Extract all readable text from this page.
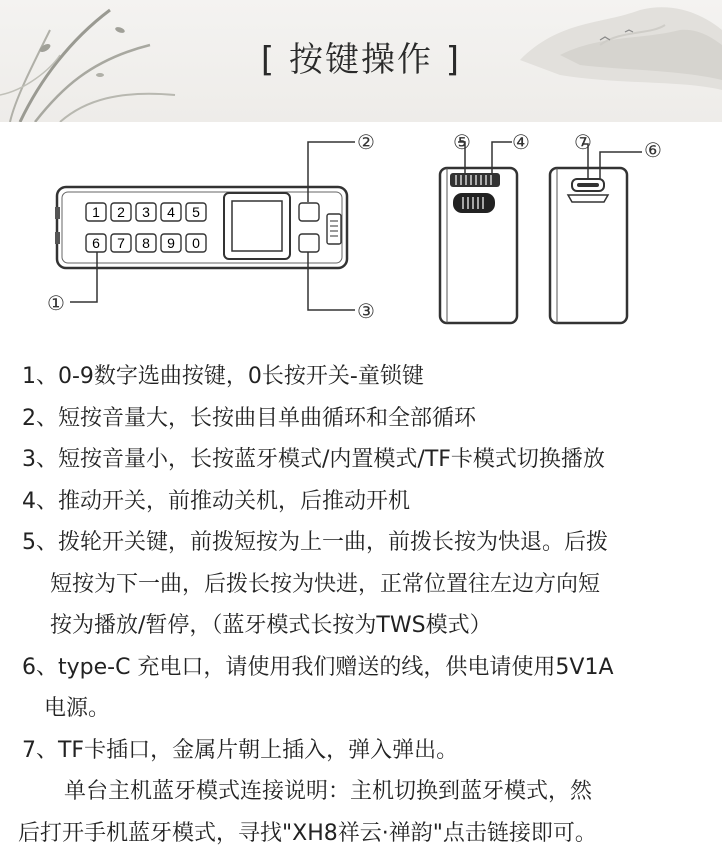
[ 按键操作 ]
1 2 3 4 5
6 7 8 9 0
①
②
③
④
⑤	⑥
⑦
1、0-9数字选曲按键，0长按开关-童锁键
2、短按音量大，长按曲目单曲循环和全部循环
3、短按音量小，长按蓝牙模式/内置模式/TF卡模式切换播放
4、推动开关，前推动关机，后推动开机
5、拨轮开关键，前拨短按为上一曲，前拨长按为快退。后拨
短按为下一曲，后拨长按为快进，正常位置往左边方向短
按为播放/暂停，（蓝牙模式长按为TWS模式）
6、type-C 充电口，请使用我们赠送的线，供电请使用5V1A
电源。
7、TF卡插口，金属片朝上插入，弹入弹出。
单台主机蓝牙模式连接说明：主机切换到蓝牙模式，然
后打开手机蓝牙模式，寻找"XH8祥云·禅韵"点击链接即可。
